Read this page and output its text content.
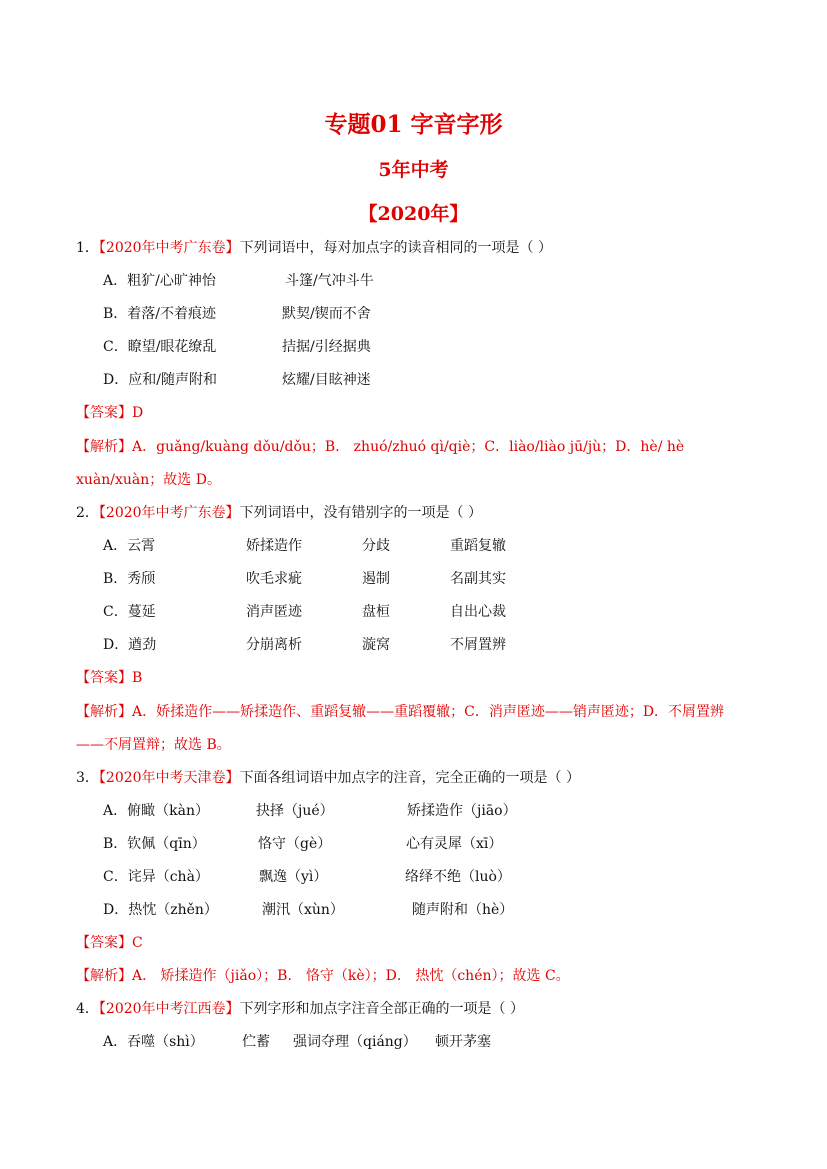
专题01 字音字形
5年中考
【2020年】
1．【2020年中考广东卷】下列词语中，每对加点字的读音相同的一项是（ ）
A．粗犷/心旷神怡	斗篷/气冲斗牛
B．着落/不着痕迹	默契/锲而不舍
C．瞭望/眼花缭乱	拮据/引经据典
D．应和/随声附和	炫耀/目眩神迷
【答案】D
【解析】A．guǎng/kuàng dǒu/dǒu；B． zhuó/zhuó qì/qiè；C．liào/liào jū/jù；D．hè/ hè
xuàn/xuàn；故选 D。
2．【2020年中考广东卷】下列词语中，没有错别字的一项是（ ）
A．云霄	娇揉造作	分歧	重蹈复辙
B．秀颀	吹毛求疵	遏制	名副其实
C．蔓延	消声匿迹	盘桓	自出心裁
D．遒劲	分崩离析	漩窝	不屑置辨
【答案】B
【解析】A．娇揉造作——矫揉造作、重蹈复辙——重蹈覆辙；C．消声匿迹——销声匿迹；D．不屑置辨
——不屑置辩；故选 B。
3．【2020年中考天津卷】下面各组词语中加点字的注音，完全正确的一项是（ ）
A．俯瞰（kàn）	抉择（jué）	矫揉造作（jiāo）
B．钦佩（qīn）	恪守（gè）	心有灵犀（xī）
C．诧异（chà）	飘逸（yì）	络绎不绝（luò）
D．热忱（zhěn）	潮汛（xùn）	随声附和（hè）
【答案】C
【解析】A． 矫揉造作（jiǎo）；B． 恪守（kè）；D． 热忱（chén）；故选 C。
4．【2020年中考江西卷】下列字形和加点字注音全部正确的一项是（ ）
A．吞噬（shì）	伫蓄 强词夺理（qiáng） 顿开茅塞
